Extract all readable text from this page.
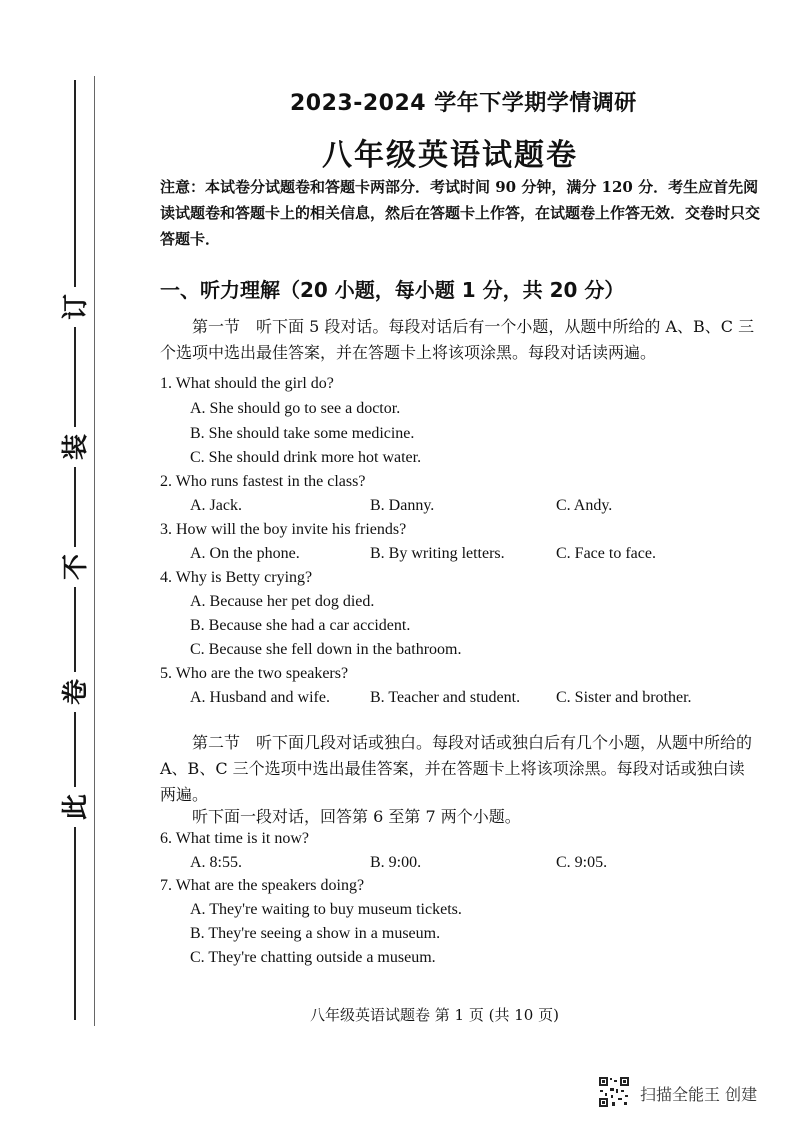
订
装
不
卷
此
2023-2024 学年下学期学情调研
八年级英语试题卷
注意：本试卷分试题卷和答题卡两部分．考试时间 90 分钟，满分 120 分．考生应首先阅读试题卷和答题卡上的相关信息，然后在答题卡上作答，在试题卷上作答无效．交卷时只交答题卡．
一、听力理解（20 小题，每小题 1 分，共 20 分）
第一节　听下面 5 段对话。每段对话后有一个小题，从题中所给的 A、B、C 三个选项中选出最佳答案，并在答题卡上将该项涂黑。每段对话读两遍。
1. What should the girl do?
A. She should go to see a doctor.
B. She should take some medicine.
C. She should drink more hot water.
2. Who runs fastest in the class?
A. Jack.	B. Danny.	C. Andy.
3. How will the boy invite his friends?
A. On the phone.	B. By writing letters.	C. Face to face.
4. Why is Betty crying?
A. Because her pet dog died.
B. Because she had a car accident.
C. Because she fell down in the bathroom.
5. Who are the two speakers?
A. Husband and wife.	B. Teacher and student. C. Sister and brother.
第二节　听下面几段对话或独白。每段对话或独白后有几个小题，从题中所给的 A、B、C 三个选项中选出最佳答案，并在答题卡上将该项涂黑。每段对话或独白读两遍。
听下面一段对话，回答第 6 至第 7 两个小题。
6. What time is it now?
A. 8:55.	B. 9:00.	C. 9:05.
7. What are the speakers doing?
A. They're waiting to buy museum tickets.
B. They're seeing a show in a museum.
C. They're chatting outside a museum.
八年级英语试题卷 第 1 页 (共 10 页)
扫描全能王 创建
